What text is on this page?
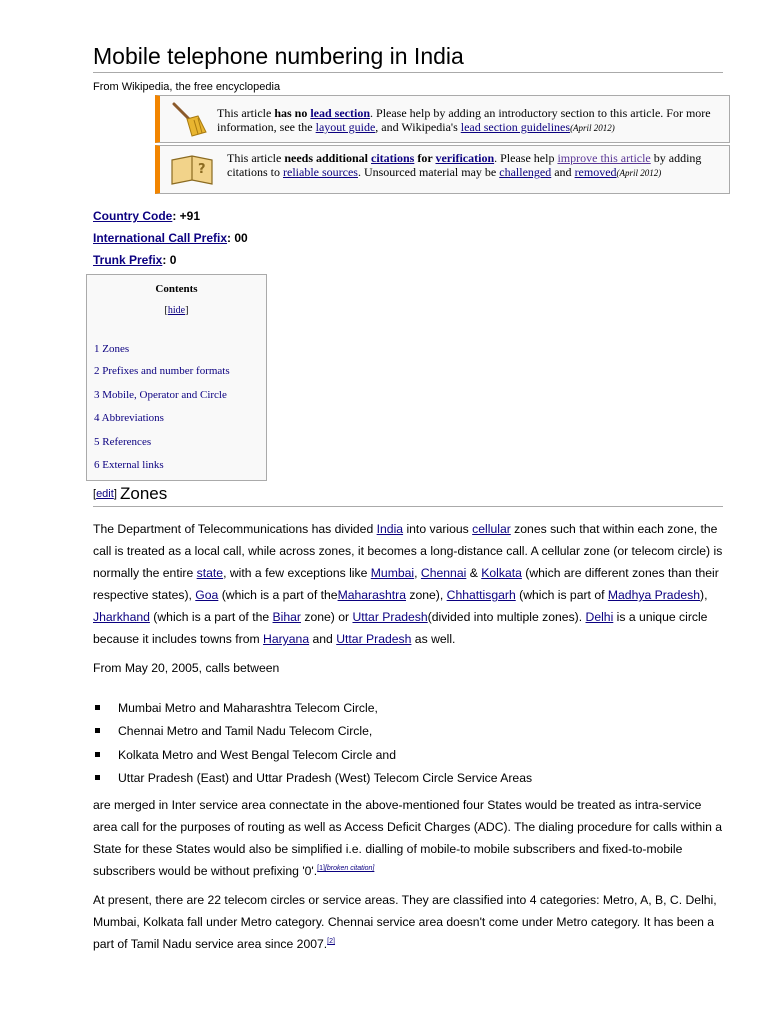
Mobile telephone numbering in India
From Wikipedia, the free encyclopedia
This article has no lead section. Please help by adding an introductory section to this article. For more information, see the layout guide, and Wikipedia's lead section guidelines(April 2012)
?
This article needs additional citations for verification. Please help improve this article by adding citations to reliable sources. Unsourced material may be challenged and removed(April 2012)
Country Code: +91
International Call Prefix: 00
Trunk Prefix: 0
Contents
[hide]
1 Zones
2 Prefixes and number formats
3 Mobile, Operator and Circle
4 Abbreviations
5 References
6 External links
[edit] Zones
The Department of Telecommunications has divided India into various cellular zones such that within each zone, the call is treated as a local call, while across zones, it becomes a long-distance call. A cellular zone (or telecom circle) is normally the entire state, with a few exceptions like Mumbai, Chennai & Kolkata (which are different zones than their respective states), Goa (which is a part of theMaharashtra zone), Chhattisgarh (which is part of Madhya Pradesh), Jharkhand (which is a part of the Bihar zone) or Uttar Pradesh(divided into multiple zones). Delhi is a unique circle because it includes towns from Haryana and Uttar Pradesh as well.
From May 20, 2005, calls between
Mumbai Metro and Maharashtra Telecom Circle,
Chennai Metro and Tamil Nadu Telecom Circle,
Kolkata Metro and West Bengal Telecom Circle and
Uttar Pradesh (East) and Uttar Pradesh (West) Telecom Circle Service Areas
are merged in Inter service area connectate in the above-mentioned four States would be treated as intra-service area call for the purposes of routing as well as Access Deficit Charges (ADC). The dialing procedure for calls within a State for these States would also be simplified i.e. dialling of mobile-to mobile subscribers and fixed-to-mobile subscribers would be without prefixing '0'.[1][broken citation]
At present, there are 22 telecom circles or service areas. They are classified into 4 categories: Metro, A, B, C. Delhi, Mumbai, Kolkata fall under Metro category. Chennai service area doesn't come under Metro category. It has been a part of Tamil Nadu service area since 2007.[2]
